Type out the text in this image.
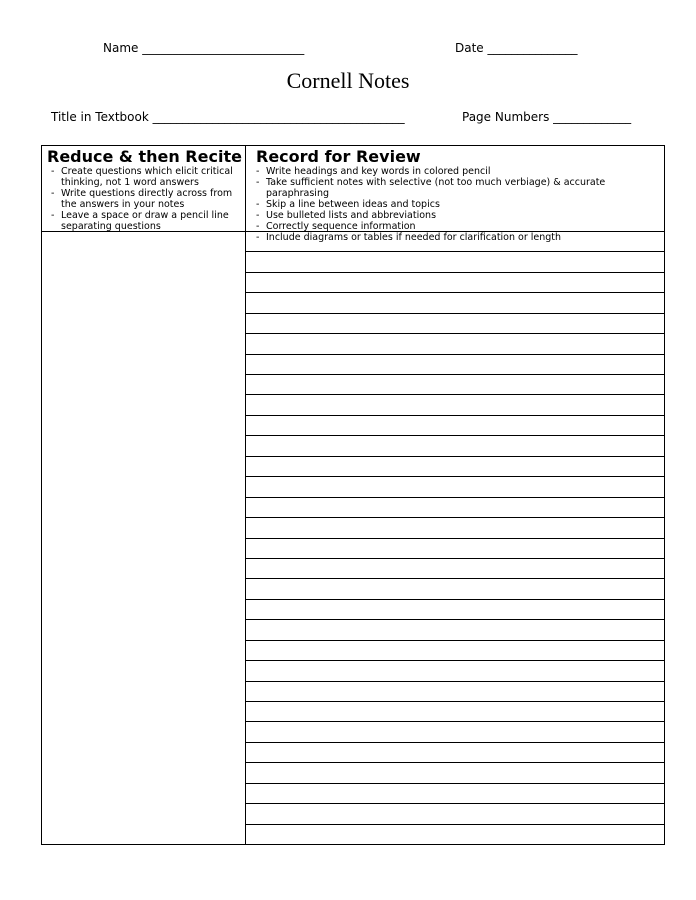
Name ___________________________	Date _______________
Cornell Notes
Title in Textbook __________________________________________	Page Numbers _____________
Reduce & then Recite
- Create questions which elicit critical thinking, not 1 word answers
- Write questions directly across from the answers in your notes
- Leave a space or draw a pencil line separating questions
Record for Review
- Write headings and key words in colored pencil
- Take sufficient notes with selective (not too much verbiage) & accurate paraphrasing
- Skip a line between ideas and topics
- Use bulleted lists and abbreviations
- Correctly sequence information
- Include diagrams or tables if needed for clarification or length
